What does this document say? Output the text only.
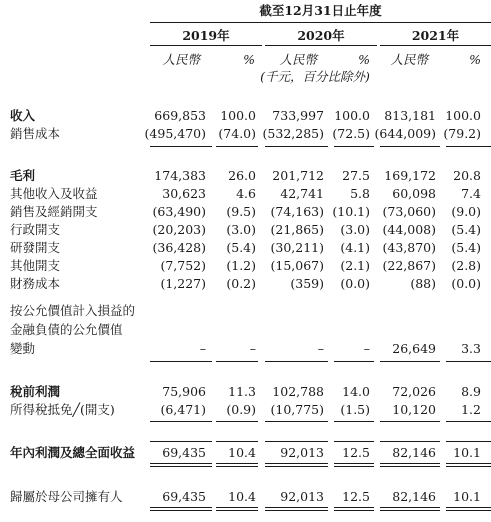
截至12月31日止年度
2019年	2020年	2021年
人民幣	%	人民幣	%	人民幣	%
(千元，百分比除外)
收入	669,853	100.0	733,997 100.0	813,181 100.0
銷售成本	(495,470) (74.0) (532,285) (72.5) (644,009) (79.2)
毛利	174,383	26.0	201,712	27.5	169,172	20.8
其他收入及收益	30,623	4.6	42,741	5.8	60,098	7.4
銷售及經銷開支	(63,490)	(9.5)	(74,163) (10.1)	(73,060)	(9.0)
行政開支	(20,203)	(3.0)	(21,865)	(3.0)	(44,008)	(5.4)
研發開支	(36,428)	(5.4)	(30,211)	(4.1)	(43,870)	(5.4)
其他開支	(7,752)	(1.2)	(15,067)	(2.1)	(22,867)	(2.8)
財務成本	(1,227)	(0.2)	(359)	(0.0)	(88)	(0.0)
按公允價值計入損益的
金融負債的公允價值
變動	–	–	–	–	26,649	3.3
稅前利潤	75,906	11.3	102,788	14.0	72,026	8.9
所得稅抵免╱(開支)	(6,471)	(0.9)	(10,775)	(1.5)	10,120	1.2
年內利潤及總全面收益	69,435	10.4	92,013	12.5	82,146	10.1
歸屬於母公司擁有人	69,435	10.4	92,013	12.5	82,146	10.1
